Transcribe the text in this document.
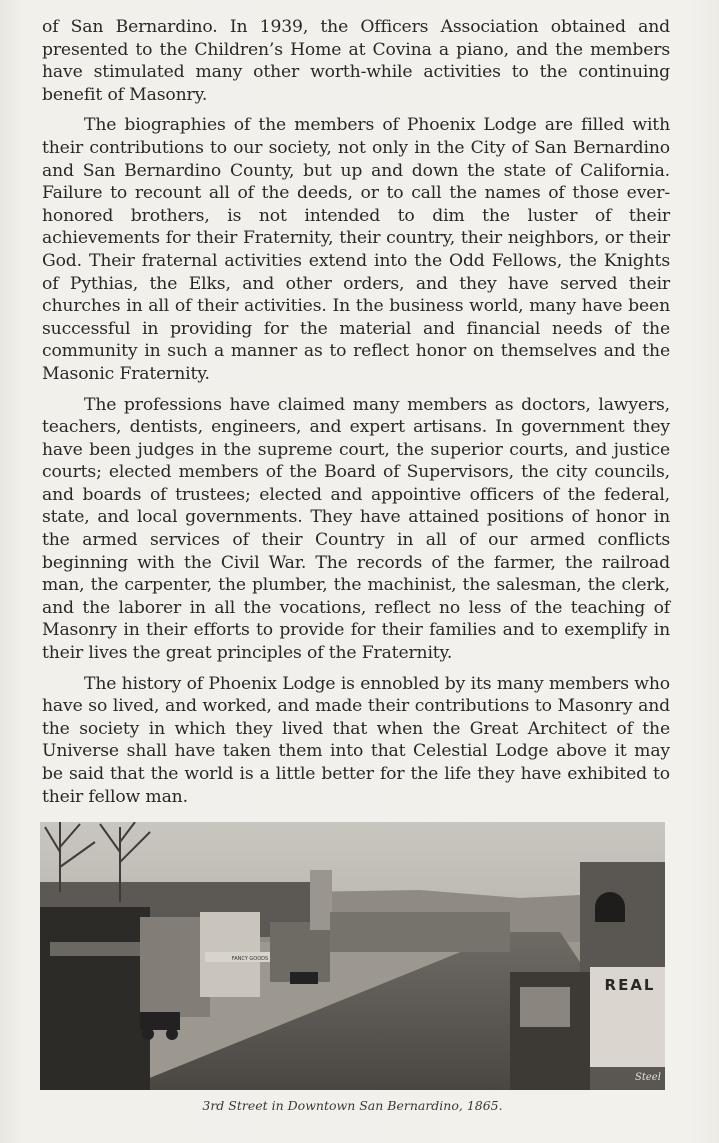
of San Bernardino. In 1939, the Officers Association obtained and presented to the Children’s Home at Covina a piano, and the members have stimulated many other worth-while activities to the continuing benefit of Masonry.

The biographies of the members of Phoenix Lodge are filled with their contributions to our society, not only in the City of San Bernardino and San Bernardino County, but up and down the state of California. Failure to recount all of the deeds, or to call the names of those ever-honored brothers, is not intended to dim the luster of their achievements for their Fraternity, their country, their neighbors, or their God. Their fraternal activities extend into the Odd Fellows, the Knights of Pythias, the Elks, and other orders, and they have served their churches in all of their activities. In the business world, many have been successful in providing for the material and financial needs of the community in such a manner as to reflect honor on themselves and the Masonic Fraternity.

The professions have claimed many members as doctors, lawyers, teachers, dentists, engineers, and expert artisans. In government they have been judges in the supreme court, the superior courts, and justice courts; elected members of the Board of Supervisors, the city councils, and boards of trustees; elected and appointive officers of the federal, state, and local governments. They have attained positions of honor in the armed services of their Country in all of our armed conflicts beginning with the Civil War. The records of the farmer, the railroad man, the carpenter, the plumber, the machinist, the salesman, the clerk, and the laborer in all the vocations, reflect no less of the teaching of Masonry in their efforts to provide for their families and to exemplify in their lives the great principles of the Fraternity.

The history of Phoenix Lodge is ennobled by its many members who have so lived, and worked, and made their contributions to Masonry and the society in which they lived that when the Great Architect of the Universe shall have taken them into that Celestial Lodge above it may be said that the world is a little better for the life they have exhibited to their fellow man.

FANCY GOODS
REAL
Steel
3rd Street in Downtown San Bernardino, 1865.
